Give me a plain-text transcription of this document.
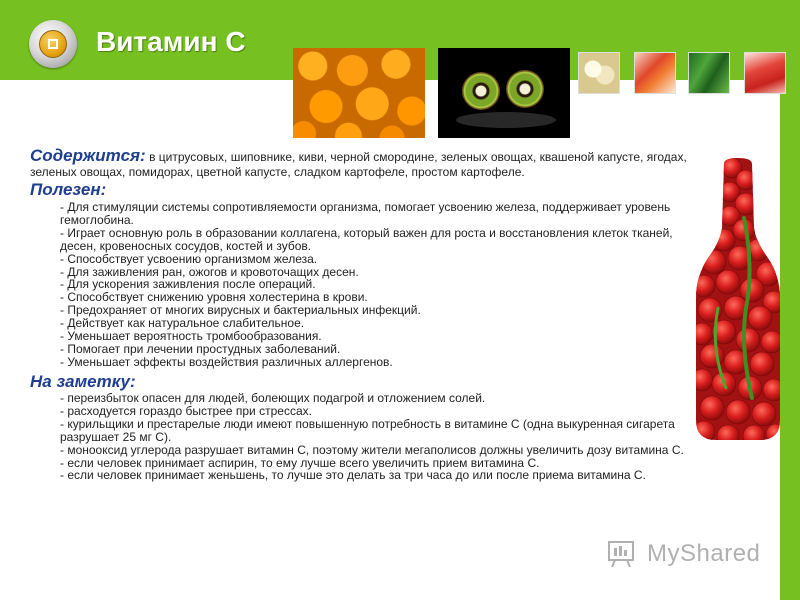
Витамин С
Содержится: в цитрусовых, шиповнике, киви, черной смородине, зеленых овощах, квашеной капусте, ягодах, зеленых овощах, помидорах, цветной капусте, сладком картофеле, простом картофеле.
Полезен:
- Для стимуляции системы сопротивляемости организма, помогает усвоению железа, поддерживает уровень гемоглобина.
- Играет основную роль в образовании коллагена, который важен для роста и восстановления клеток тканей, десен, кровеносных сосудов, костей и зубов.
- Способствует усвоению организмом железа.
- Для заживления ран, ожогов и кровоточащих десен.
- Для ускорения заживления после операций.
- Способствует снижению уровня холестерина в крови.
- Предохраняет от многих вирусных и бактериальных инфекций.
- Действует как натуральное слабительное.
- Уменьшает вероятность тромбообразования.
- Помогает при лечении простудных заболеваний.
- Уменьшает эффекты воздействия различных аллергенов.
На заметку:
- переизбыток опасен для людей, болеющих подагрой и отложением солей.
- расходуется гораздо быстрее при стрессах.
- курильщики и престарелые люди имеют повышенную потребность в витамине С (одна выкуренная сигарета разрушает 25 мг С).
- монооксид углерода разрушает витамин С, поэтому жители мегаполисов должны увеличить дозу витамина С.
- если человек принимает аспирин, то ему лучше всего увеличить прием витамина С.
- если человек принимает женьшень, то лучше это делать за три часа до или после приема витамина С.
MyShared
